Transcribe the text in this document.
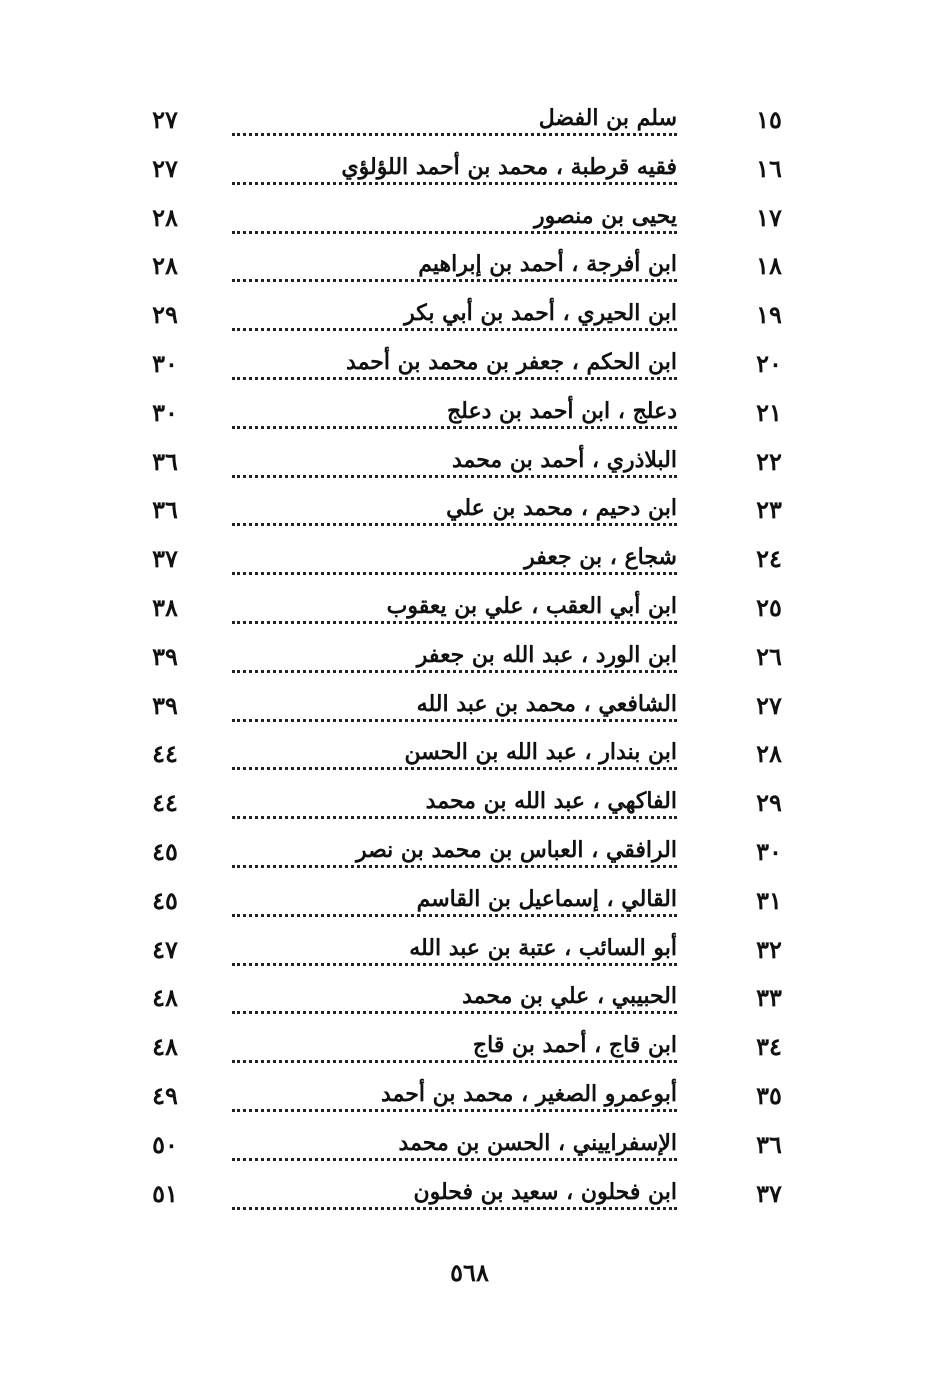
١٥
سلم بن الفضل
٢٧
١٦
فقيه قرطبة ، محمد بن أحمد اللؤلؤي
٢٧
١٧
يحيى بن منصور
٢٨
١٨
ابن أفرجة ، أحمد بن إبراهيم
٢٨
١٩
ابن الحيري ، أحمد بن أبي بكر
٢٩
٢٠
ابن الحكم ، جعفر بن محمد بن أحمد
٣٠
٢١
دعلج ، ابن أحمد بن دعلج
٣٠
٢٢
البلاذري ، أحمد بن محمد
٣٦
٢٣
ابن دحيم ، محمد بن علي
٣٦
٢٤
شجاع ، بن جعفر
٣٧
٢٥
ابن أبي العقب ، علي بن يعقوب
٣٨
٢٦
ابن الورد ، عبد الله بن جعفر
٣٩
٢٧
الشافعي ، محمد بن عبد الله
٣٩
٢٨
ابن بندار ، عبد الله بن الحسن
٤٤
٢٩
الفاكهي ، عبد الله بن محمد
٤٤
٣٠
الرافقي ، العباس بن محمد بن نصر
٤٥
٣١
القالي ، إسماعيل بن القاسم
٤٥
٣٢
أبو السائب ، عتبة بن عبد الله
٤٧
٣٣
الحبيبي ، علي بن محمد
٤٨
٣٤
ابن قاج ، أحمد بن قاج
٤٨
٣٥
أبوعمرو الصغير ، محمد بن أحمد
٤٩
٣٦
الإسفراييني ، الحسن بن محمد
٥٠
٣٧
ابن فحلون ، سعيد بن فحلون
٥١
٥٦٨
